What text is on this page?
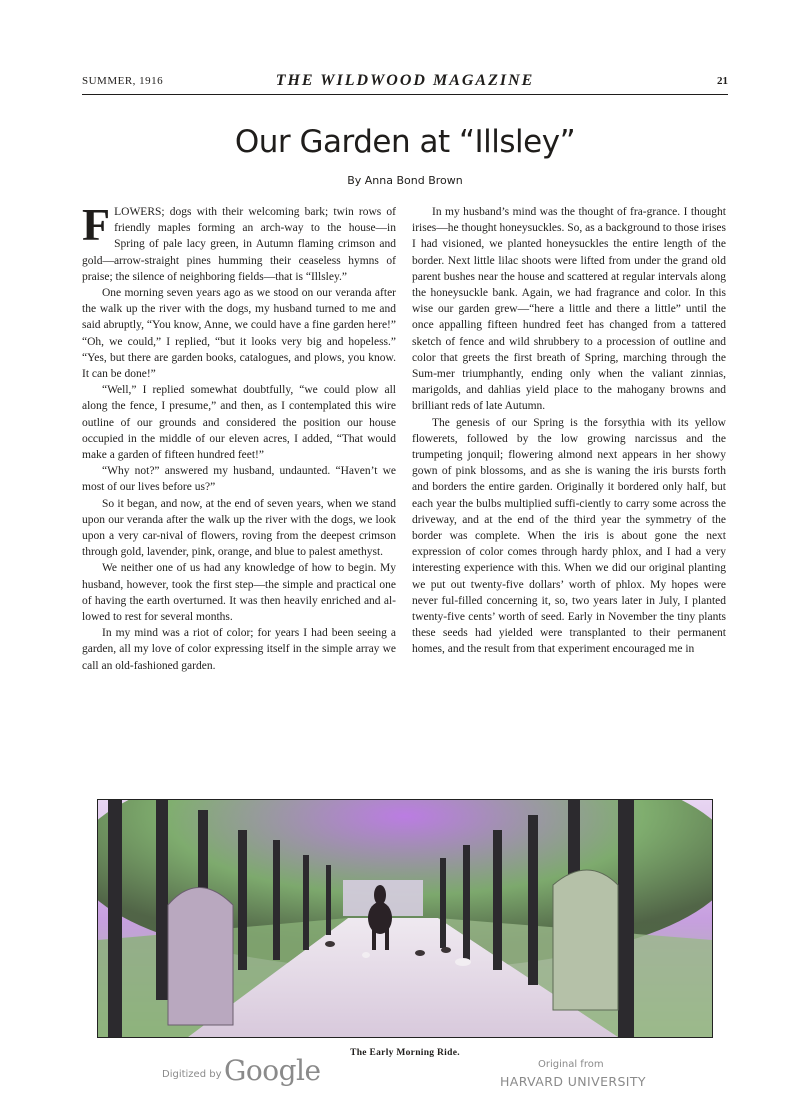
SUMMER, 1916	THE WILDWOOD MAGAZINE	21
Our Garden at “Illsley”
By Anna Bond Brown

FLOWERS; dogs with their welcoming bark; twin rows of friendly maples forming an arch-way to the house—in Spring of pale lacy green, in Autumn flaming crimson and gold—arrow-straight pines humming their ceaseless hymns of praise; the silence of neighboring fields—that is “Illsley.”

One morning seven years ago as we stood on our veranda after the walk up the river with the dogs, my husband turned to me and said abruptly, “You know, Anne, we could have a fine garden here!” “Oh, we could,” I replied, “but it looks very big and hopeless.” “Yes, but there are garden books, catalogues, and plows, you know. It can be done!”

“Well,” I replied somewhat doubtfully, “we could plow all along the fence, I presume,” and then, as I contemplated this wire outline of our grounds and considered the position our house occupied in the middle of our eleven acres, I added, “That would make a garden of fifteen hundred feet!”

“Why not?” answered my husband, undaunted. “Haven’t we most of our lives before us?”

So it began, and now, at the end of seven years, when we stand upon our veranda after the walk up the river with the dogs, we look upon a very car-nival of flowers, roving from the deepest crimson through gold, lavender, pink, orange, and blue to palest amethyst.

We neither one of us had any knowledge of how to begin. My husband, however, took the first step—the simple and practical one of having the earth overturned. It was then heavily enriched and al-lowed to rest for several months.

In my mind was a riot of color; for years I had been seeing a garden, all my love of color expressing itself in the simple array we call an old-fashioned garden.

In my husband’s mind was the thought of fra-grance. I thought irises—he thought honeysuckles. So, as a background to those irises I had visioned, we planted honeysuckles the entire length of the border. Next little lilac shoots were lifted from under the grand old parent bushes near the house and scattered at regular intervals along the honeysuckle bank. Again, we had fragrance and color. In this wise our garden grew—“here a little and there a little” until the once appalling fifteen hundred feet has changed from a tattered sketch of fence and wild shrubbery to a procession of outline and color that greets the first breath of Spring, marching through the Sum-mer triumphantly, ending only when the valiant zinnias, marigolds, and dahlias yield place to the mahogany browns and brilliant reds of late Autumn.

The genesis of our Spring is the forsythia with its yellow flowerets, followed by the low growing narcissus and the trumpeting jonquil; flowering almond next appears in her showy gown of pink blossoms, and as she is waning the iris bursts forth and borders the entire garden. Originally it bordered only half, but each year the bulbs multiplied suffi-ciently to carry some across the driveway, and at the end of the third year the symmetry of the border was complete. When the iris is about gone the next expression of color comes through hardy phlox, and I had a very interesting experience with this. When we did our original planting we put out twenty-five dollars’ worth of phlox. My hopes were never ful-filled concerning it, so, two years later in July, I planted twenty-five cents’ worth of seed. Early in November the tiny plants these seeds had yielded were transplanted to their permanent homes, and the result from that experiment encouraged me in

The Early Morning Ride.
Digitized by Google	Original from
HARVARD UNIVERSITY
